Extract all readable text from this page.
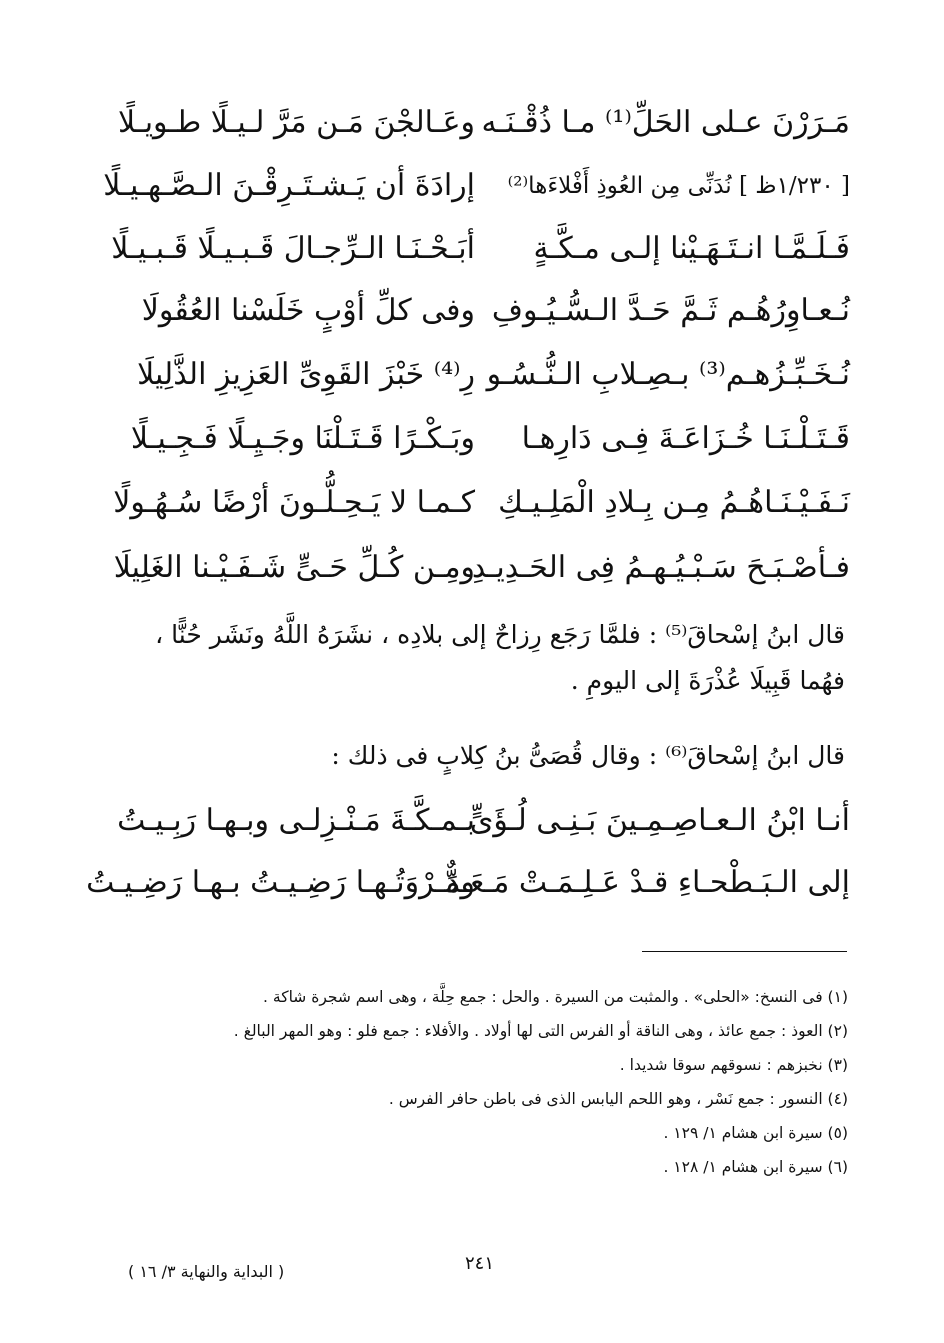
مَـرَرْنَ عـلى الحَلِّ⁽¹⁾ مـا ذُقْـنَـه
وعَـالجْنَ مَـن مَرَّ لـيـلًا طـويـلًا
[ ١/٢٣٠ظ ] نُدَنِّى مِن العُوذِ أَفْلاءَها⁽²⁾
إرادَةَ أن يَـشـتَـرِقْـنَ الـصَّـهـيـلًا
فَـلَـمَّـا انـتَـهَـيْنا إلـى مـكَّـةٍ
أبَـحْـنَـا الـرِّجـالَ قَـبـيـلًا قَـبـيـلًا
نُـعـاوِرُهُـم ثَـمَّ حَـدَّ الـسُّـيُـوفِ
وفى كلِّ أوْبٍ خَلَسْنا العُقُولَا
نُـخَـبِّـزُهـم⁽³⁾ بـصِـلابِ الـنُّـسُـو
رِ⁽⁴⁾ خَبْزَ القَوِىِّ العَزِيزِ الذَّلِيلَا
قَـتَـلْـنَـا خُـزَاعَـةَ فِـى دَارِهـا
وبَـكْـرًا قَـتَـلْنَا وجَـيِـلًا فَـجِـيـلًا
نَـفَـيْـنَـاهُـمُ مِـن بِـلادِ الْمَلِـيـكِ
كـمـا لا يَـحِـلُّـونَ أرْضًا سُـهُـولًا
فـأصْـبَـحَ سَـبْـيُـهـمُ فِى الحَـدِيـدِ
ومِـن كُـلِّ حَـىٍّ شَـفَـيْـنا الغَلِيلَا
قال ابنُ إسْحاقَ⁽⁵⁾ : فلمَّا رَجَع رِزاحٌ إلى بلادِه ، نشَرَهُ اللَّهُ ونَشَر حُنًّا ، فهُما قَبِيلَا عُذْرَةَ إلى اليومِ .
قال ابنُ إسْحاقَ⁽⁶⁾ : وقال قُصَىُّ بنُ كِلابٍ فى ذلك :
أنـا ابْنُ الـعـاصِـمِـينَ بَـنِـى لُـؤَىٍّ
بـمـكَّـةَ مَـنْـزِلـى وبـهـا رَبِـيـتُ
إلى الـبَـطْحـاءِ قـدْ عَـلِـمَـتْ مَـعَـدٌّ
ومَـرْوَتُـهـا رَضِـيـتُ بـهـا رَضِـيـتُ
(١) فى النسخ: «الحلى» . والمثبت من السيرة . والحل : جمع حِلَّة ، وهى اسم شجرة شاكة .
(٢) العوذ : جمع عائذ ، وهى الناقة أو الفرس التى لها أولاد . والأفلاء : جمع فلو : وهو المهر البالغ .
(٣) نخبزهم : نسوقهم سوقا شديدا .
(٤) النسور : جمع نَسْر ، وهو اللحم اليابس الذى فى باطن حافر الفرس .
(٥) سيرة ابن هشام ١/ ١٢٩ .
(٦) سيرة ابن هشام ١/ ١٢٨ .
٢٤١
( البداية والنهاية ٣/ ١٦ )
